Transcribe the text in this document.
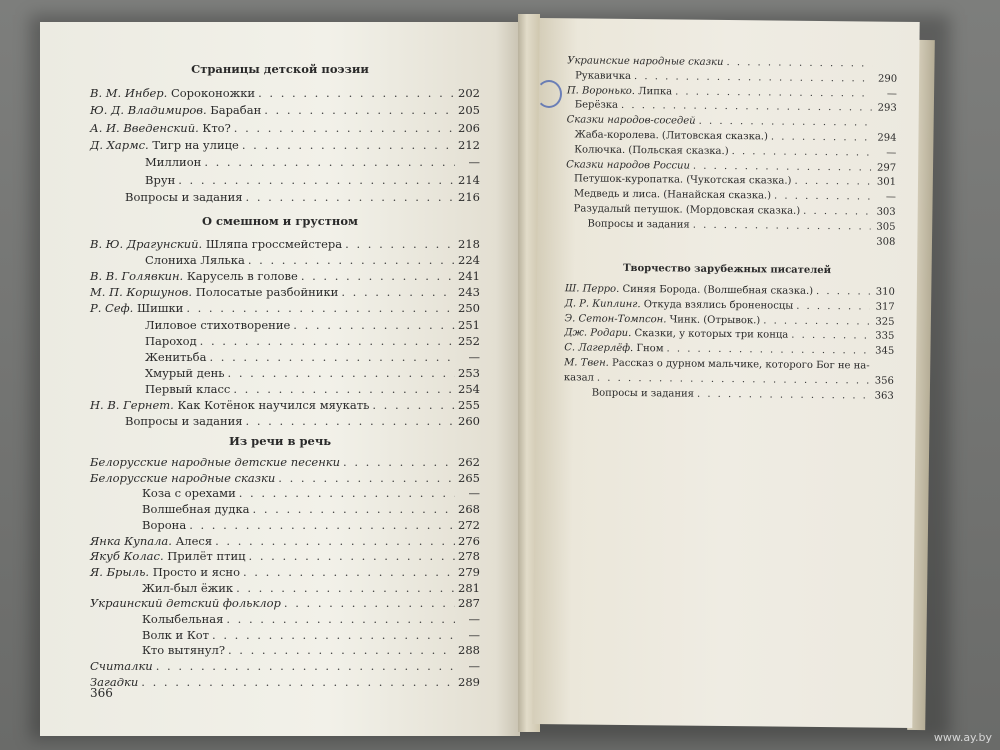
Страницы детской поэзии
В. М. Инбер. Сороконожки . . .	202
Ю. Д. Владимиров. Барабан . . .	205
А. И. Введенский. Кто? . . .	206
Д. Хармс. Тигр на улице . . .	212
Миллион . . .	—
Врун . . .	214
Вопросы и задания . . .	216
О смешном и грустном
В. Ю. Драгунский. Шляпа гроссмейстера . . .	218
Слониха Лялька . . .	224
В. В. Голявкин. Карусель в голове . . .	241
М. П. Коршунов. Полосатые разбойники . . .	243
Р. Сеф. Шишки . . .	250
Лиловое стихотворение . . .	251
Пароход . . .	252
Женитьба . . .	—
Хмурый день . . .	253
Первый класс . . .	254
Н. В. Гернет. Как Котёнок научился мяукать . . .	255
Вопросы и задания . . .	260
Из речи в речь
Белорусские народные детские песенки . . .	262
Белорусские народные сказки . . .	265
Коза с орехами . . .	—
Волшебная дудка . . .	268
Ворона . . .	272
Янка Купала. Алеся . . .	276
Якуб Колас. Прилёт птиц . . .	278
Я. Брыль. Просто и ясно . . .	279
Жил-был ёжик . . .	281
Украинский детский фольклор . . .	287
Колыбельная . . .	—
Волк и Кот . . .	—
Кто вытянул? . . .	288
Считалки . . .	—
Загадки . . .	289
366
Украинские народные сказки
. . .
Рукавичка . . .	290
П. Воронько. Липка . . .	—
Берёзка . . .	293
Сказки народов-соседей
. . .
Жаба-королева. (Литовская сказка.) . . .	294
Колючка. (Польская сказка.) . . .	—
Сказки народов России . . .	297
Петушок-куропатка. (Чукотская сказка.) . . .	301
Медведь и лиса. (Нанайская сказка.) . . .	—
Разудалый петушок. (Мордовская сказка.) . . .	303
Вопросы и задания . . .	305
308
Творчество зарубежных писателей
Ш. Перро. Синяя Борода. (Волшебная сказка.) . . .	310
Д. Р. Киплинг. Откуда взялись броненосцы . . .	317
Э. Сетон-Томпсон. Чинк. (Отрывок.) . . .	325
Дж. Родари. Сказки, у которых три конца . . .	335
С. Лагерлёф. Гном . . .	345
М. Твен. Рассказ о дурном мальчике, которого Бог не на-
. . .
казал . . .	356
Вопросы и задания . . .	363
www.ay.by
